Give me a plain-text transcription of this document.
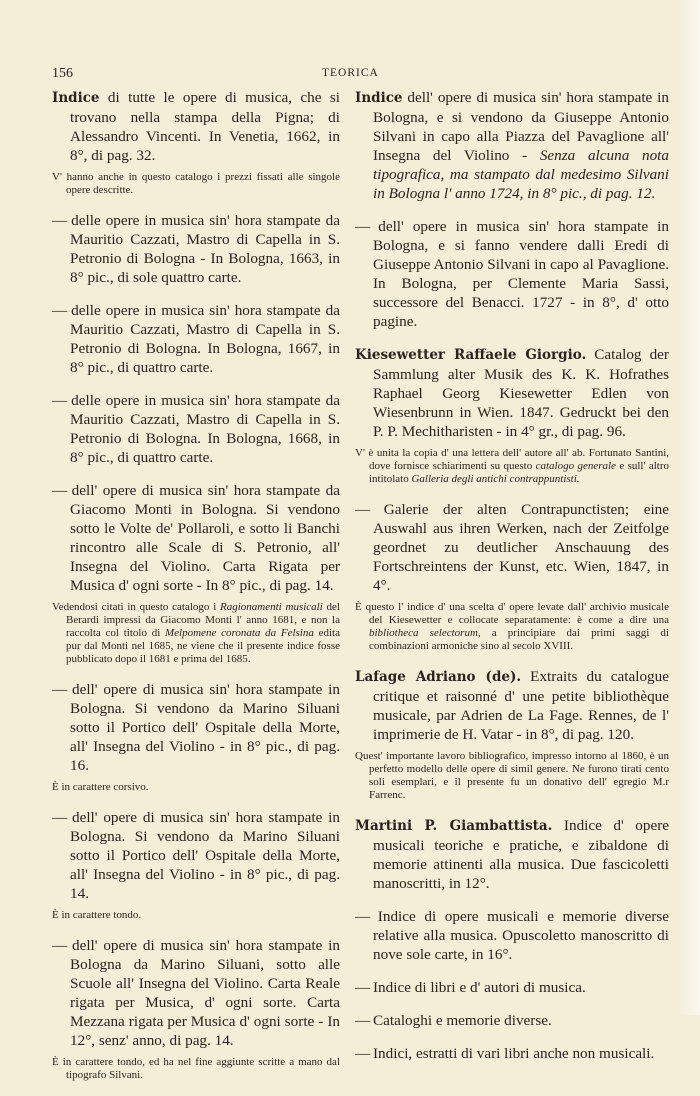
156	TEORICA
Indice di tutte le opere di musica, che si trovano nella stampa della Pigna; di Alessandro Vincenti. In Venetia, 1662, in 8°, di pag. 32.
V' hanno anche in questo catalogo i prezzi fissati alle singole opere descritte.
— delle opere in musica sin' hora stampate da Mauritio Cazzati, Mastro di Capella in S. Petronio di Bologna - In Bologna, 1663, in 8° pic., di sole quattro carte.
— delle opere in musica sin' hora stampate da Mauritio Cazzati, Mastro di Capella in S. Petronio di Bologna. In Bologna, 1667, in 8° pic., di quattro carte.
— delle opere in musica sin' hora stampate da Mauritio Cazzati, Mastro di Capella in S. Petronio di Bologna. In Bologna, 1668, in 8° pic., di quattro carte.
— dell' opere di musica sin' hora stampate da Giacomo Monti in Bologna. Si vendono sotto le Volte de' Pollaroli, e sotto li Banchi rincontro alle Scale di S. Petronio, all' Insegna del Violino. Carta Rigata per Musica d' ogni sorte - In 8° pic., di pag. 14.
Vedendosi citati in questo catalogo i Ragionamenti musicali del Berardi impressi da Giacomo Monti l' anno 1681, e non la raccolta col titolo di Melpomene coronata da Felsina edita pur dal Monti nel 1685, ne viene che il presente indice fosse pubblicato dopo il 1681 e prima del 1685.
— dell' opere di musica sin' hora stampate in Bologna. Si vendono da Marino Siluani sotto il Portico dell' Ospitale della Morte, all' Insegna del Violino - in 8° pic., di pag. 16.
È in carattere corsivo.
— dell' opere di musica sin' hora stampate in Bologna. Si vendono da Marino Siluani sotto il Portico dell' Ospitale della Morte, all' Insegna del Violino - in 8° pic., di pag. 14.
È in carattere tondo.
— dell' opere di musica sin' hora stampate in Bologna da Marino Siluani, sotto alle Scuole all' Insegna del Violino. Carta Reale rigata per Musica, d' ogni sorte. Carta Mezzana rigata per Musica d' ogni sorte - In 12°, senz' anno, di pag. 14.
È in carattere tondo, ed ha nel fine aggiunte scritte a mano dal tipografo Silvani.
Indice dell' opere di musica sin' hora stampate in Bologna, e si vendono da Giuseppe Antonio Silvani in capo alla Piazza del Pavaglione all' Insegna del Violino - Senza alcuna nota tipografica, ma stampato dal medesimo Silvani in Bologna l' anno 1724, in 8° pic., di pag. 12.
— dell' opere in musica sin' hora stampate in Bologna, e si fanno vendere dalli Eredi di Giuseppe Antonio Silvani in capo al Pavaglione. In Bologna, per Clemente Maria Sassi, successore del Benacci. 1727 - in 8°, d' otto pagine.
Kiesewetter Raffaele Giorgio. Catalog der Sammlung alter Musik des K. K. Hofrathes Raphael Georg Kiesewetter Edlen von Wiesenbrunn in Wien. 1847. Gedruckt bei den P. P. Mechitharisten - in 4° gr., di pag. 96.
V' è unita la copia d' una lettera dell' autore all' ab. Fortunato Santini, dove fornisce schiarimenti su questo catalogo generale e sull' altro intitolato Galleria degli antichi contrappuntisti.
— Galerie der alten Contrapunctisten; eine Auswahl aus ihren Werken, nach der Zeitfolge geordnet zu deutlicher Anschauung des Fortschreintens der Kunst, etc. Wien, 1847, in 4°.
È questo l' indice d' una scelta d' opere levate dall' archivio musicale del Kiesewetter e collocate separatamente: è come a dire una bibliotheca selectorum, a principiare dai primi saggi di combinazioni armoniche sino al secolo XVIII.
Lafage Adriano (de). Extraits du catalogue critique et raisonné d' une petite bibliothèque musicale, par Adrien de La Fage. Rennes, de l' imprimerie de H. Vatar - in 8°, di pag. 120.
Quest' importante lavoro bibliografico, impresso intorno al 1860, è un perfetto modello delle opere di simil genere. Ne furono tirati cento soli esemplari, e il presente fu un donativo dell' egregio M.r Farrenc.
Martini P. Giambattista. Indice d' opere musicali teoriche e pratiche, e zibaldone di memorie attinenti alla musica. Due fascicoletti manoscritti, in 12°.
— Indice di opere musicali e memorie diverse relative alla musica. Opuscoletto manoscritto di nove sole carte, in 16°.
— Indice di libri e d' autori di musica.
— Cataloghi e memorie diverse.
— Indici, estratti di vari libri anche non musicali.
